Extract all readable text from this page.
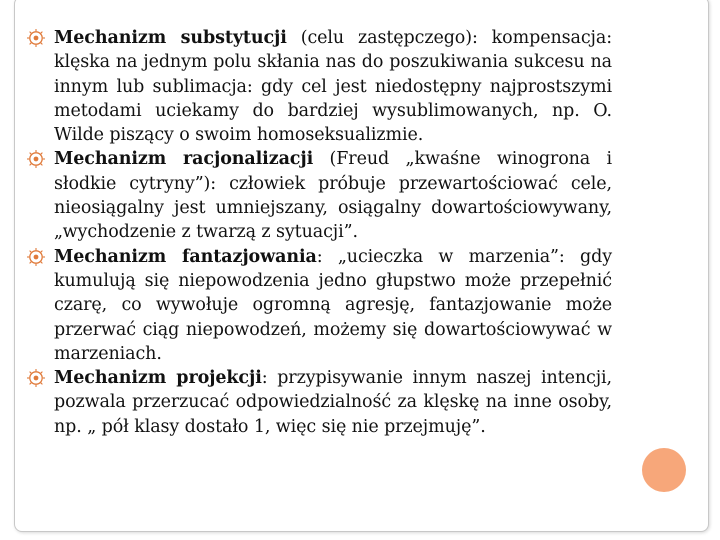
Mechanizm substytucji (celu zastępczego): kompensacja: klęska na jednym polu skłania nas do poszukiwania sukcesu na innym lub sublimacja: gdy cel jest niedostępny najprostszymi metodami uciekamy do bardziej wysublimowanych, np. O. Wilde piszący o swoim homoseksualizmie.
Mechanizm racjonalizacji (Freud „kwaśne winogrona i słodkie cytryny”): człowiek próbuje przewartościować cele, nieosiągalny jest umniejszany, osiągalny dowartościowywany, „wychodzenie z twarzą z sytuacji”.
Mechanizm fantazjowania: „ucieczka w marzenia”: gdy kumulują się niepowodzenia jedno głupstwo może przepełnić czarę, co wywołuje ogromną agresję, fantazjowanie może przerwać ciąg niepowodzeń, możemy się dowartościowywać w marzeniach.
Mechanizm projekcji: przypisywanie innym naszej intencji, pozwala przerzucać odpowiedzialność za klęskę na inne osoby, np. „ pół klasy dostało 1, więc się nie przejmuję”.
